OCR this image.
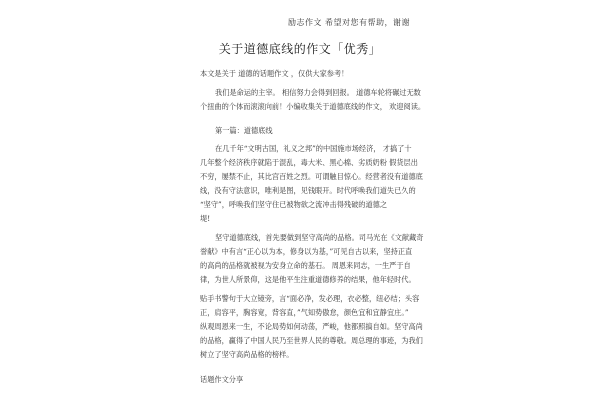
励志作文 希望对您有帮助，谢谢
关于道德底线的作文「优秀」
本文是关于 道德的话题作文 ，仅供大家参考！
我们是命运的主宰。 相信努力会得到回报。 道德车轮将碾过无数
个扭曲的个体而滚滚向前！小编收集关于道德底线的作文， 欢迎阅读。
第一篇：道德底线
在几千年“文明古国，礼义之邦”的中国施市场经济， 才搞了十
几年整个经济秩序就陷于混乱，毒大米、黑心棉、劣质奶粉 假货层出
不穷，屡禁不止，其比宫百姓之烈。可谓触目惊心。经营者没有道德底
线，没有守法意识，唯利是图，见钱眼开。时代呼唤我们道失已久的
“坚守”，呼唤我们坚守住已被物欲之流冲击得残破的道德之
堤!
坚守道德底线，首先要做到坚守高尚的品格。司马光在《文献藏奇
誉献》中有言“正心以为本，修身以为基，”可见自古以来，坚持正直
的高尚的品格就被视为安身立命的基石。 周恩来同志，一生严于自
律，为世人所景仰，这是他平生注重道德修养的结果，他年轻时代。
贴手书警句于大立镜旁，言“面必净，发必理，衣必整，纽必结；头容
正，肩容平，胸容宽，背容直，”气知势傲怠，颜色宜和宜静宜庄。”
纵观周恩来一生，不论局势如何动荡，严峻，他都照搞自如。坚守高尚
的品格，赢得了中国人民乃至世界人民的尊敬。周总理的事迹，为我们
树立了坚守高尚品格的榜样。
话题作文分享
